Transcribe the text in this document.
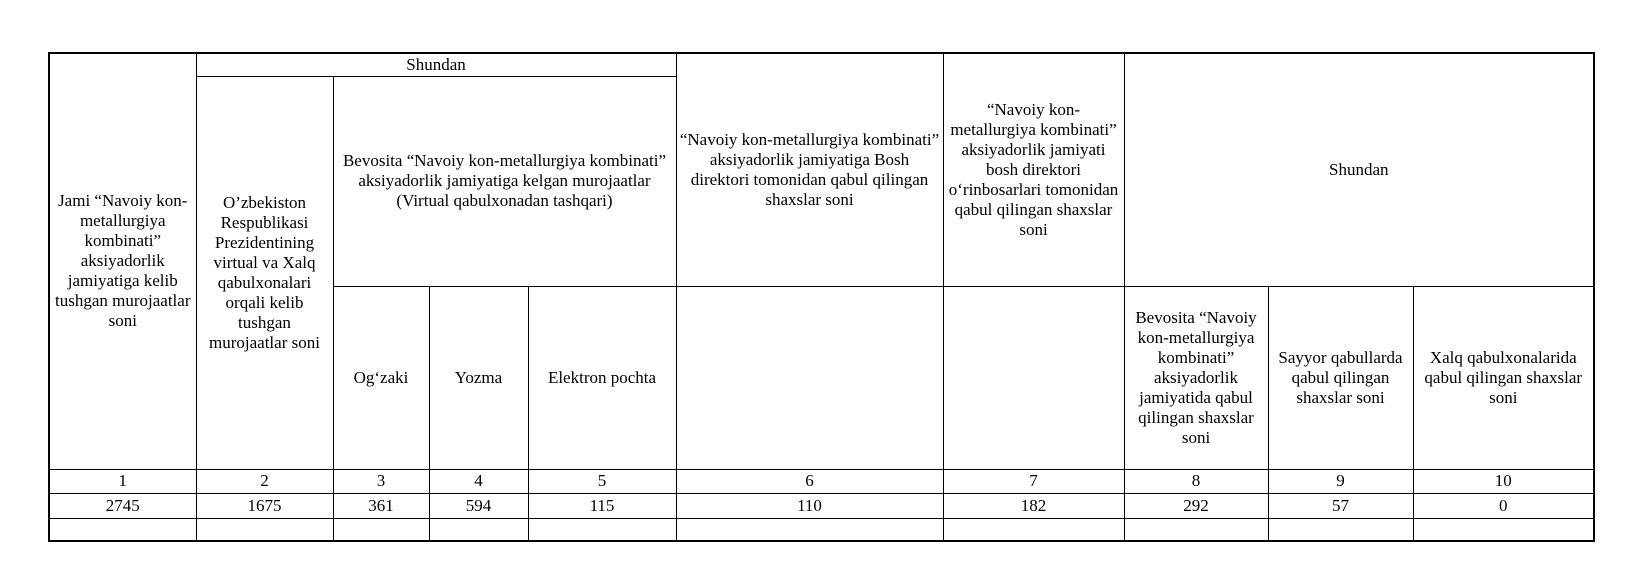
Jami “Navoiy kon-metallurgiya kombinati” aksiyadorlik jamiyatiga kelib tushgan murojaatlar soni	Shundan				“Navoiy kon-metallurgiya kombinati” aksiyadorlik jamiyatiga Bosh direktori tomonidan qabul qilingan shaxslar soni	“Navoiy kon-metallurgiya kombinati” aksiyadorlik jamiyati bosh direktori oʻrinbosarlari tomonidan qabul qilingan shaxslar soni	Shundan		
	O’zbekiston Respublikasi Prezidentining virtual va Xalq qabulxonalari orqali kelib tushgan murojaatlar soni	Bevosita “Navoiy kon-metallurgiya kombinati” aksiyadorlik jamiyatiga kelgan murojaatlar
(Virtual qabulxonadan tashqari)							

		Ogʻzaki	Yozma	Elektron pochta			Bevosita “Navoiy kon-metallurgiya kombinati” aksiyadorlik jamiyatida qabul qilingan shaxslar soni	Sayyor qabullarda qabul qilingan shaxslar soni	Xalq qabulxonalarida qabul qilingan shaxslar soni
1	2	3	4	5	6	7	8	9	10
2745	1675	361	594	115	110	182	292	57	0
